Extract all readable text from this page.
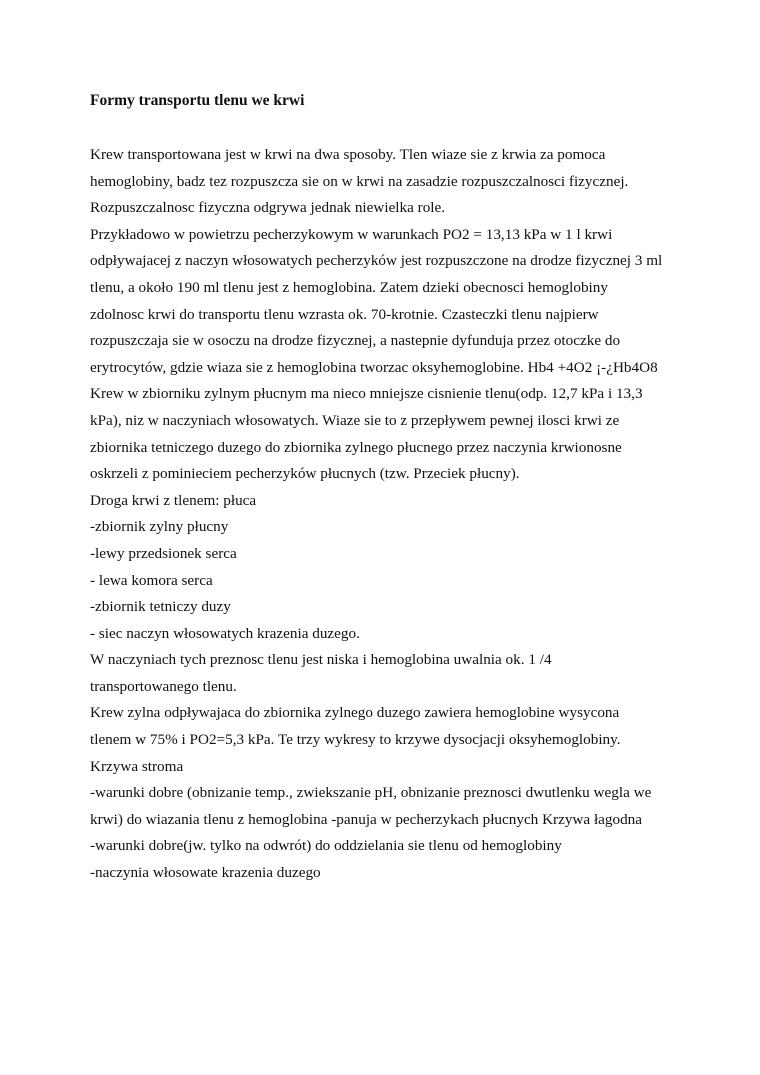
Formy transportu tlenu we krwi

Krew transportowana jest w krwi na dwa sposoby. Tlen wiaze sie z krwia za pomoca

hemoglobiny, badz tez rozpuszcza sie on w krwi na zasadzie rozpuszczalnosci fizycznej.

Rozpuszczalnosc fizyczna odgrywa jednak niewielka role.

Przykładowo w powietrzu pecherzykowym w warunkach PO2 = 13,13 kPa w 1 l krwi

odpływajacej z naczyn włosowatych pecherzyków jest rozpuszczone na drodze fizycznej 3 ml

tlenu, a około 190 ml tlenu jest z hemoglobina. Zatem dzieki obecnosci hemoglobiny

zdolnosc krwi do transportu tlenu wzrasta ok. 70-krotnie. Czasteczki tlenu najpierw

rozpuszczaja sie w osoczu na drodze fizycznej, a nastepnie dyfunduja przez otoczke do

erytrocytów, gdzie wiaza sie z hemoglobina tworzac oksyhemoglobine. Hb4 +4O2 ¡-¿Hb4O8

Krew w zbiorniku zylnym płucnym ma nieco mniejsze cisnienie tlenu(odp. 12,7 kPa i 13,3

kPa), niz w naczyniach włosowatych. Wiaze sie to z przepływem pewnej ilosci krwi ze

zbiornika tetniczego duzego do zbiornika zylnego płucnego przez naczynia krwionosne

oskrzeli z pominieciem pecherzyków płucnych (tzw. Przeciek płucny).

Droga krwi z tlenem: płuca

-zbiornik zylny płucny

-lewy przedsionek serca

- lewa komora serca

-zbiornik tetniczy duzy

- siec naczyn włosowatych krazenia duzego.

W naczyniach tych preznosc tlenu jest niska i hemoglobina uwalnia ok. 1 /4

transportowanego tlenu.

Krew zylna odpływajaca do zbiornika zylnego duzego zawiera hemoglobine wysycona

tlenem w 75% i PO2=5,3 kPa. Te trzy wykresy to krzywe dysocjacji oksyhemoglobiny.

Krzywa stroma

-warunki dobre (obnizanie temp., zwiekszanie pH, obnizanie preznosci dwutlenku wegla we

krwi) do wiazania tlenu z hemoglobina -panuja w pecherzykach płucnych Krzywa łagodna

-warunki dobre(jw. tylko na odwrót) do oddzielania sie tlenu od hemoglobiny

-naczynia włosowate krazenia duzego
